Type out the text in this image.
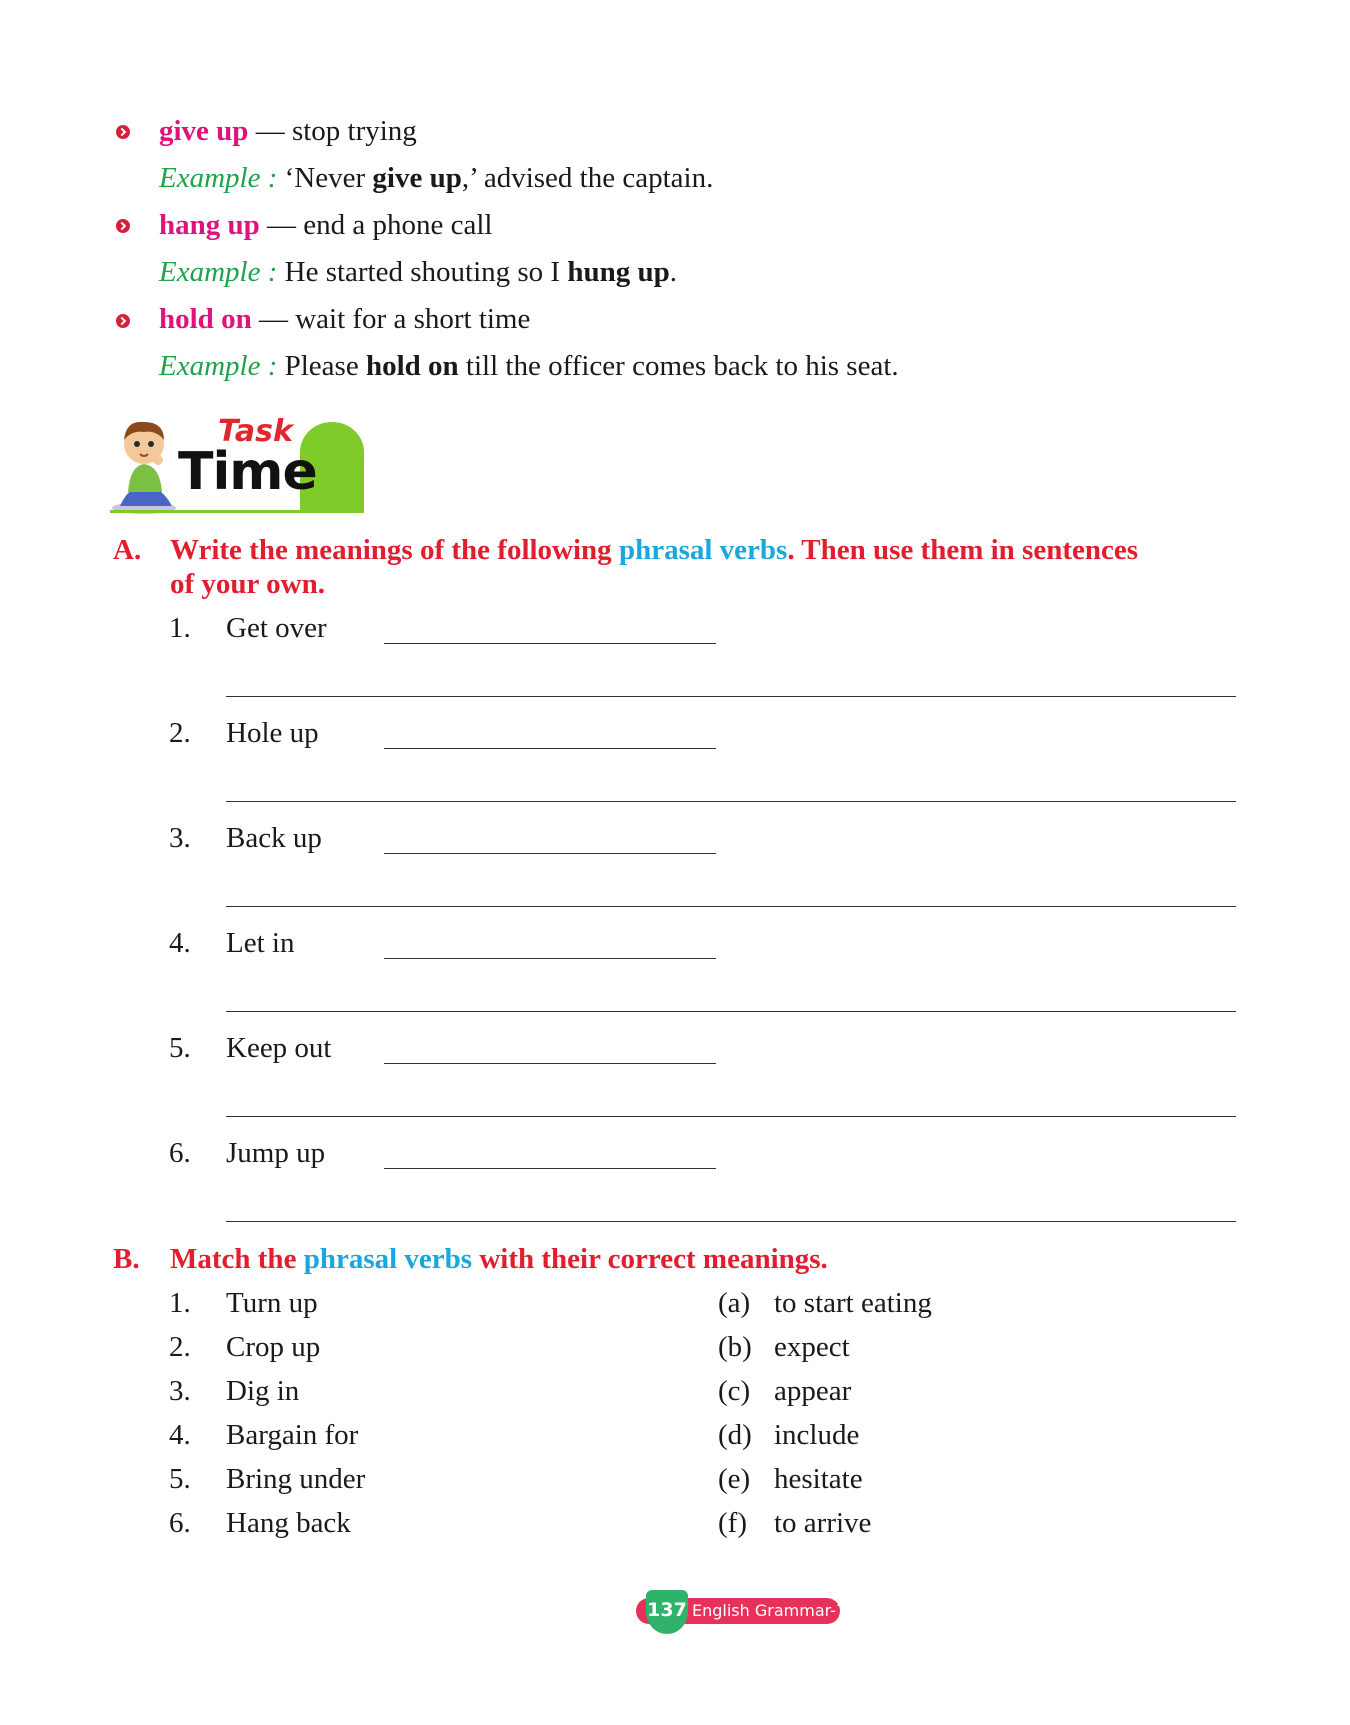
give up — stop trying
Example : ‘Never give up,’ advised the captain.
hang up — end a phone call
Example : He started shouting so I hung up.
hold on — wait for a short time
Example : Please hold on till the officer comes back to his seat.
Task
Time
A. Write the meanings of the following phrasal verbs. Then use them in sentences
of your own.
1. Get over
2. Hole up
3. Back up
4. Let in
5. Keep out
6. Jump up
B. Match the phrasal verbs with their correct meanings.
1. Turn up
2. Crop up
3. Dig in
4. Bargain for
5. Bring under
6. Hang back
(a) to start eating
(b) expect
(c) appear
(d) include
(e) hesitate
(f) to arrive
English Grammar-7
137
